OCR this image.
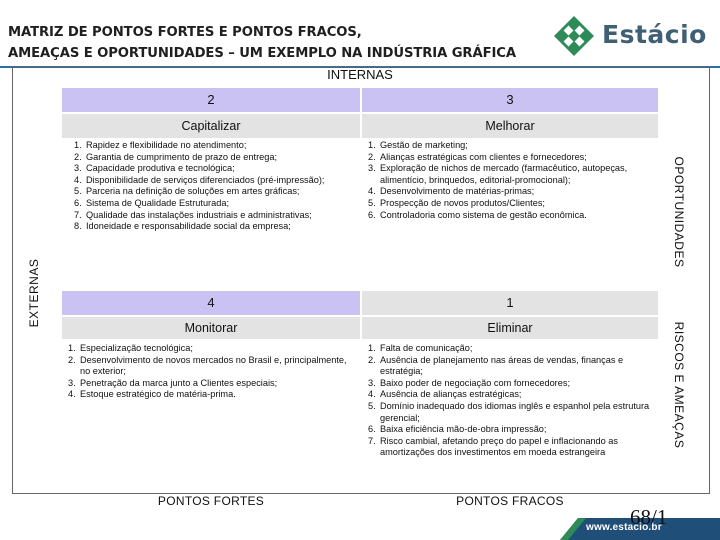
MATRIZ DE PONTOS FORTES E PONTOS FRACOS,
AMEAÇAS E OPORTUNIDADES – UM EXEMPLO NA INDÚSTRIA GRÁFICA
Estácio
INTERNAS
EXTERNAS
OPORTUNIDADES
RISCOS E AMEAÇAS
2
Capitalizar
1. Rapidez e flexibilidade no atendimento;
2. Garantia de cumprimento de prazo de entrega;
3. Capacidade produtiva e tecnológica;
4. Disponibilidade de serviços diferenciados (pré-impressão);
5. Parceria na definição de soluções em artes gráficas;
6. Sistema de Qualidade Estruturada;
7. Qualidade das instalações industriais e administrativas;
8. Idoneidade e responsabilidade social da empresa;
3
Melhorar
1. Gestão de marketing;
2. Alianças estratégicas com clientes e fornecedores;
3. Exploração de nichos de mercado (farmacêutico, autopeças, alimentício, brinquedos, editorial-promocional);
4. Desenvolvimento de matérias-primas;
5. Prospecção de novos produtos/Clientes;
6. Controladoria como sistema de gestão econômica.
4
Monitorar
1. Especialização tecnológica;
2. Desenvolvimento de novos mercados no Brasil e, principalmente, no exterior;
3. Penetração da marca junto a Clientes especiais;
4. Estoque estratégico de matéria-prima.
1
Eliminar
1. Falta de comunicação;
2. Ausência de planejamento nas áreas de vendas, finanças e estratégia;
3. Baixo poder de negociação com fornecedores;
4. Ausência de alianças estratégicas;
5. Domínio inadequado dos idiomas inglês e espanhol pela estrutura gerencial;
6. Baixa eficiência mão-de-obra impressão;
7. Risco cambial, afetando preço do papel e inflacionando as amortizações dos investimentos em moeda estrangeira
PONTOS FORTES	PONTOS FRACOS
www.estacio.br
68/1
